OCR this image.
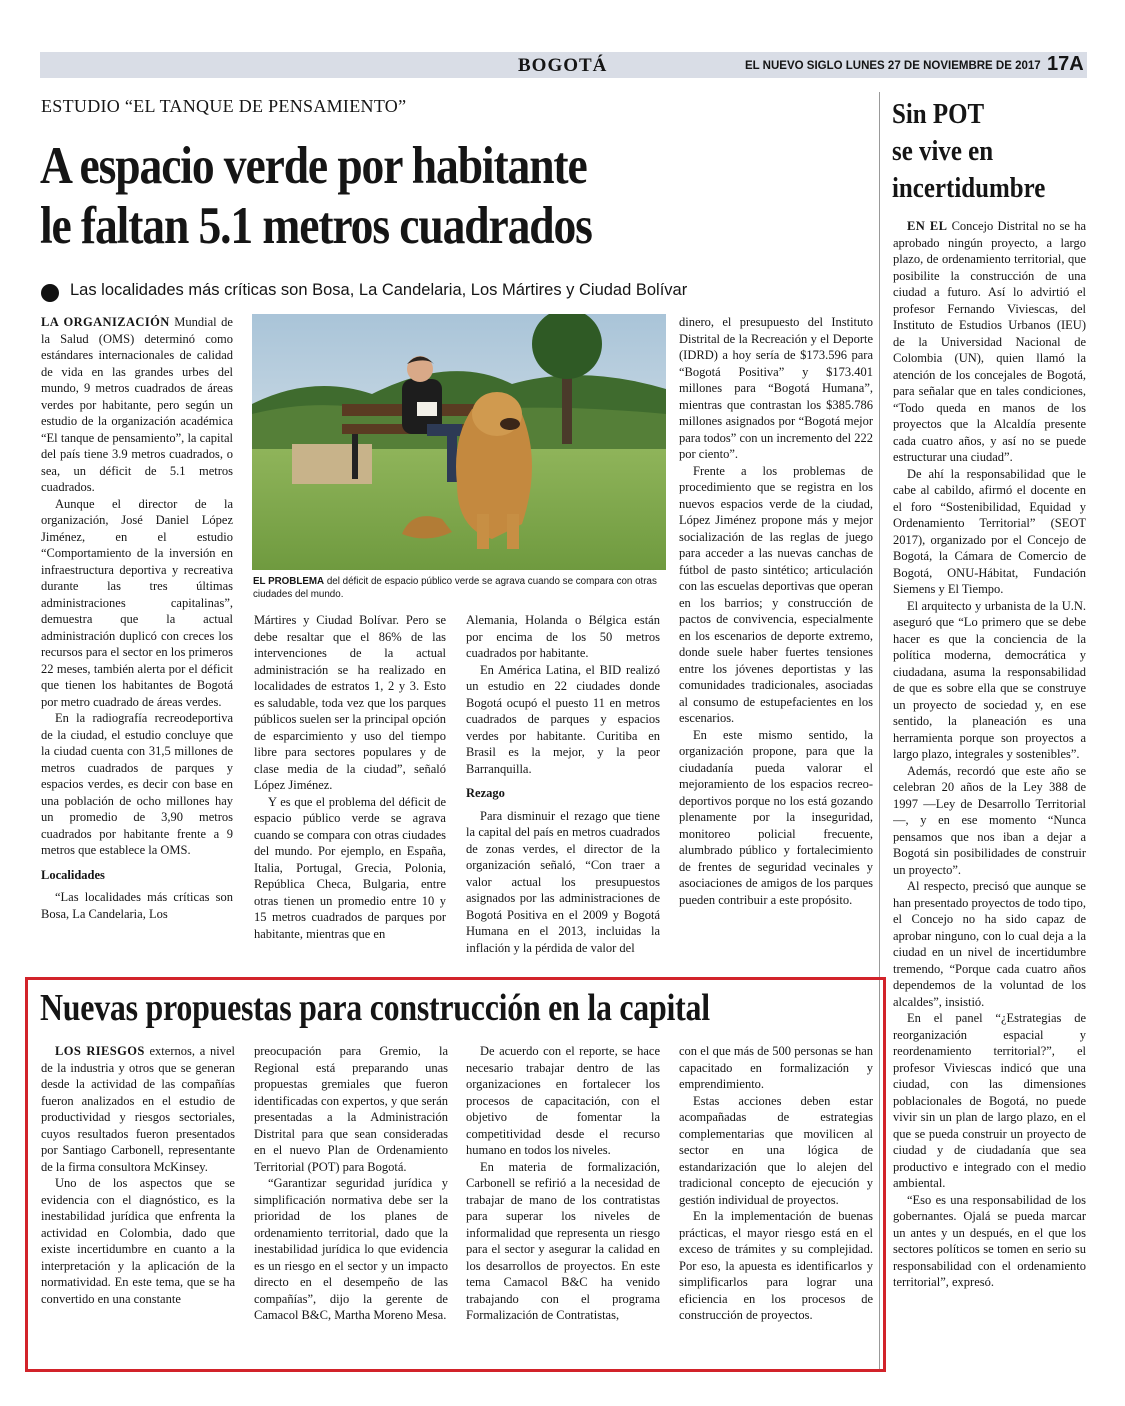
BOGOTÁ	EL NUEVO SIGLO LUNES 27 DE NOVIEMBRE DE 2017 17A
ESTUDIO “EL TANQUE DE PENSAMIENTO”
A espacio verde por habitante
le faltan 5.1 metros cuadrados
Las localidades más críticas son Bosa, La Candelaria, Los Mártires y Ciudad Bolívar

LA ORGANIZACIÓN Mundial de la Salud (OMS) determinó como estándares internacionales de calidad de vida en las grandes urbes del mundo, 9 metros cuadrados de áreas verdes por habitante, pero según un estudio de la organización académica “El tanque de pensamiento”, la capital del país tiene 3.9 metros cuadrados, o sea, un déficit de 5.1 metros cuadrados.

Aunque el director de la organización, José Daniel López Jiménez, en el estudio “Comportamiento de la inversión en infraestructura deportiva y recreativa durante las tres últimas administraciones capitalinas”, demuestra que la actual administración duplicó con creces los recursos para el sector en los primeros 22 meses, también alerta por el déficit que tienen los habitantes de Bogotá por metro cuadrado de áreas verdes.

En la radiografía recreodeportiva de la ciudad, el estudio concluye que la ciudad cuenta con 31,5 millones de metros cuadrados de parques y espacios verdes, es decir con base en una población de ocho millones hay un promedio de 3,90 metros cuadrados por habitante frente a 9 metros que establece la OMS.

Localidades

“Las localidades más críticas son Bosa, La Candelaria, Los

EL PROBLEMA del déficit de espacio público verde se agrava cuando se compara con otras ciudades del mundo.

Mártires y Ciudad Bolívar. Pero se debe resaltar que el 86% de las intervenciones de la actual administración se ha realizado en localidades de estratos 1, 2 y 3. Esto es saludable, toda vez que los parques públicos suelen ser la principal opción de esparcimiento y uso del tiempo libre para sectores populares y de clase media de la ciudad”, señaló López Jiménez.

Y es que el problema del déficit de espacio público verde se agrava cuando se compara con otras ciudades del mundo. Por ejemplo, en España, Italia, Portugal, Grecia, Polonia, República Checa, Bulgaria, entre otras tienen un promedio entre 10 y 15 metros cuadrados de parques por habitante, mientras que en

Alemania, Holanda o Bélgica están por encima de los 50 metros cuadrados por habitante.

En América Latina, el BID realizó un estudio en 22 ciudades donde Bogotá ocupó el puesto 11 en metros cuadrados de parques y espacios verdes por habitante. Curitiba en Brasil es la mejor, y la peor Barranquilla.

Rezago

Para disminuir el rezago que tiene la capital del país en metros cuadrados de zonas verdes, el director de la organización señaló, “Con traer a valor actual los presupuestos asignados por las administraciones de Bogotá Positiva en el 2009 y Bogotá Humana en el 2013, incluidas la inflación y la pérdida de valor del

dinero, el presupuesto del Instituto Distrital de la Recreación y el Deporte (IDRD) a hoy sería de $173.596 para “Bogotá Positiva” y $173.401 millones para “Bogotá Humana”, mientras que contrastan los $385.786 millones asignados por “Bogotá mejor para todos” con un incremento del 222 por ciento”.

Frente a los problemas de procedimiento que se registra en los nuevos espacios verde de la ciudad, López Jiménez propone más y mejor socialización de las reglas de juego para acceder a las nuevas canchas de fútbol de pasto sintético; articulación con las escuelas deportivas que operan en los barrios; y construcción de pactos de convivencia, especialmente en los escenarios de deporte extremo, donde suele haber fuertes tensiones entre los jóvenes deportistas y las comunidades tradicionales, asociadas al consumo de estupefacientes en los escenarios.

En este mismo sentido, la organización propone, para que la ciudadanía pueda valorar el mejoramiento de los espacios recreo-deportivos porque no los está gozando plenamente por la inseguridad, monitoreo policial frecuente, alumbrado público y fortalecimiento de frentes de seguridad vecinales y asociaciones de amigos de los parques pueden contribuir a este propósito.

Sin POT
se vive en
incertidumbre

EN EL Concejo Distrital no se ha aprobado ningún proyecto, a largo plazo, de ordenamiento territorial, que posibilite la construcción de una ciudad a futuro. Así lo advirtió el profesor Fernando Viviescas, del Instituto de Estudios Urbanos (IEU) de la Universidad Nacional de Colombia (UN), quien llamó la atención de los concejales de Bogotá, para señalar que en tales condiciones, “Todo queda en manos de los proyectos que la Alcaldía presente cada cuatro años, y así no se puede estructurar una ciudad”.

De ahí la responsabilidad que le cabe al cabildo, afirmó el docente en el foro “Sostenibilidad, Equidad y Ordenamiento Territorial” (SEOT 2017), organizado por el Concejo de Bogotá, la Cámara de Comercio de Bogotá, ONU-Hábitat, Fundación Siemens y El Tiempo.

El arquitecto y urbanista de la U.N. aseguró que “Lo primero que se debe hacer es que la conciencia de la política moderna, democrática y ciudadana, asuma la responsabilidad de que es sobre ella que se construye un proyecto de sociedad y, en ese sentido, la planeación es una herramienta porque son proyectos a largo plazo, integrales y sostenibles”.

Además, recordó que este año se celebran 20 años de la Ley 388 de 1997 —Ley de Desarrollo Territorial—, y en ese momento “Nunca pensamos que nos iban a dejar a Bogotá sin posibilidades de construir un proyecto”.

Al respecto, precisó que aunque se han presentado proyectos de todo tipo, el Concejo no ha sido capaz de aprobar ninguno, con lo cual deja a la ciudad en un nivel de incertidumbre tremendo, “Porque cada cuatro años dependemos de la voluntad de los alcaldes”, insistió.

En el panel “¿Estrategias de reorganización espacial y reordenamiento territorial?”, el profesor Viviescas indicó que una ciudad, con las dimensiones poblacionales de Bogotá, no puede vivir sin un plan de largo plazo, en el que se pueda construir un proyecto de ciudad y de ciudadanía que sea productivo e integrado con el medio ambiental.

“Eso es una responsabilidad de los gobernantes. Ojalá se pueda marcar un antes y un después, en el que los sectores políticos se tomen en serio su responsabilidad con el ordenamiento territorial”, expresó.

Nuevas propuestas para construcción en la capital

LOS RIESGOS externos, a nivel de la industria y otros que se generan desde la actividad de las compañías fueron analizados en el estudio de productividad y riesgos sectoriales, cuyos resultados fueron presentados por Santiago Carbonell, representante de la firma consultora McKinsey.

Uno de los aspectos que se evidencia con el diagnóstico, es la inestabilidad jurídica que enfrenta la actividad en Colombia, dado que existe incertidumbre en cuanto a la interpretación y la aplicación de la normatividad. En este tema, que se ha convertido en una constante

preocupación para Gremio, la Regional está preparando unas propuestas gremiales que fueron identificadas con expertos, y que serán presentadas a la Administración Distrital para que sean consideradas en el nuevo Plan de Ordenamiento Territorial (POT) para Bogotá.

“Garantizar seguridad jurídica y simplificación normativa debe ser la prioridad de los planes de ordenamiento territorial, dado que la inestabilidad jurídica lo que evidencia es un riesgo en el sector y un impacto directo en el desempeño de las compañías”, dijo la gerente de Camacol B&C, Martha Moreno Mesa.

De acuerdo con el reporte, se hace necesario trabajar dentro de las organizaciones en fortalecer los procesos de capacitación, con el objetivo de fomentar la competitividad desde el recurso humano en todos los niveles.

En materia de formalización, Carbonell se refirió a la necesidad de trabajar de mano de los contratistas para superar los niveles de informalidad que representa un riesgo para el sector y asegurar la calidad en los desarrollos de proyectos. En este tema Camacol B&C ha venido trabajando con el programa Formalización de Contratistas,

con el que más de 500 personas se han capacitado en formalización y emprendimiento.

Estas acciones deben estar acompañadas de estrategias complementarias que movilicen al sector en una lógica de estandarización que lo alejen del tradicional concepto de ejecución y gestión individual de proyectos.

En la implementación de buenas prácticas, el mayor riesgo está en el exceso de trámites y su complejidad. Por eso, la apuesta es identificarlos y simplificarlos para lograr una eficiencia en los procesos de construcción de proyectos.
